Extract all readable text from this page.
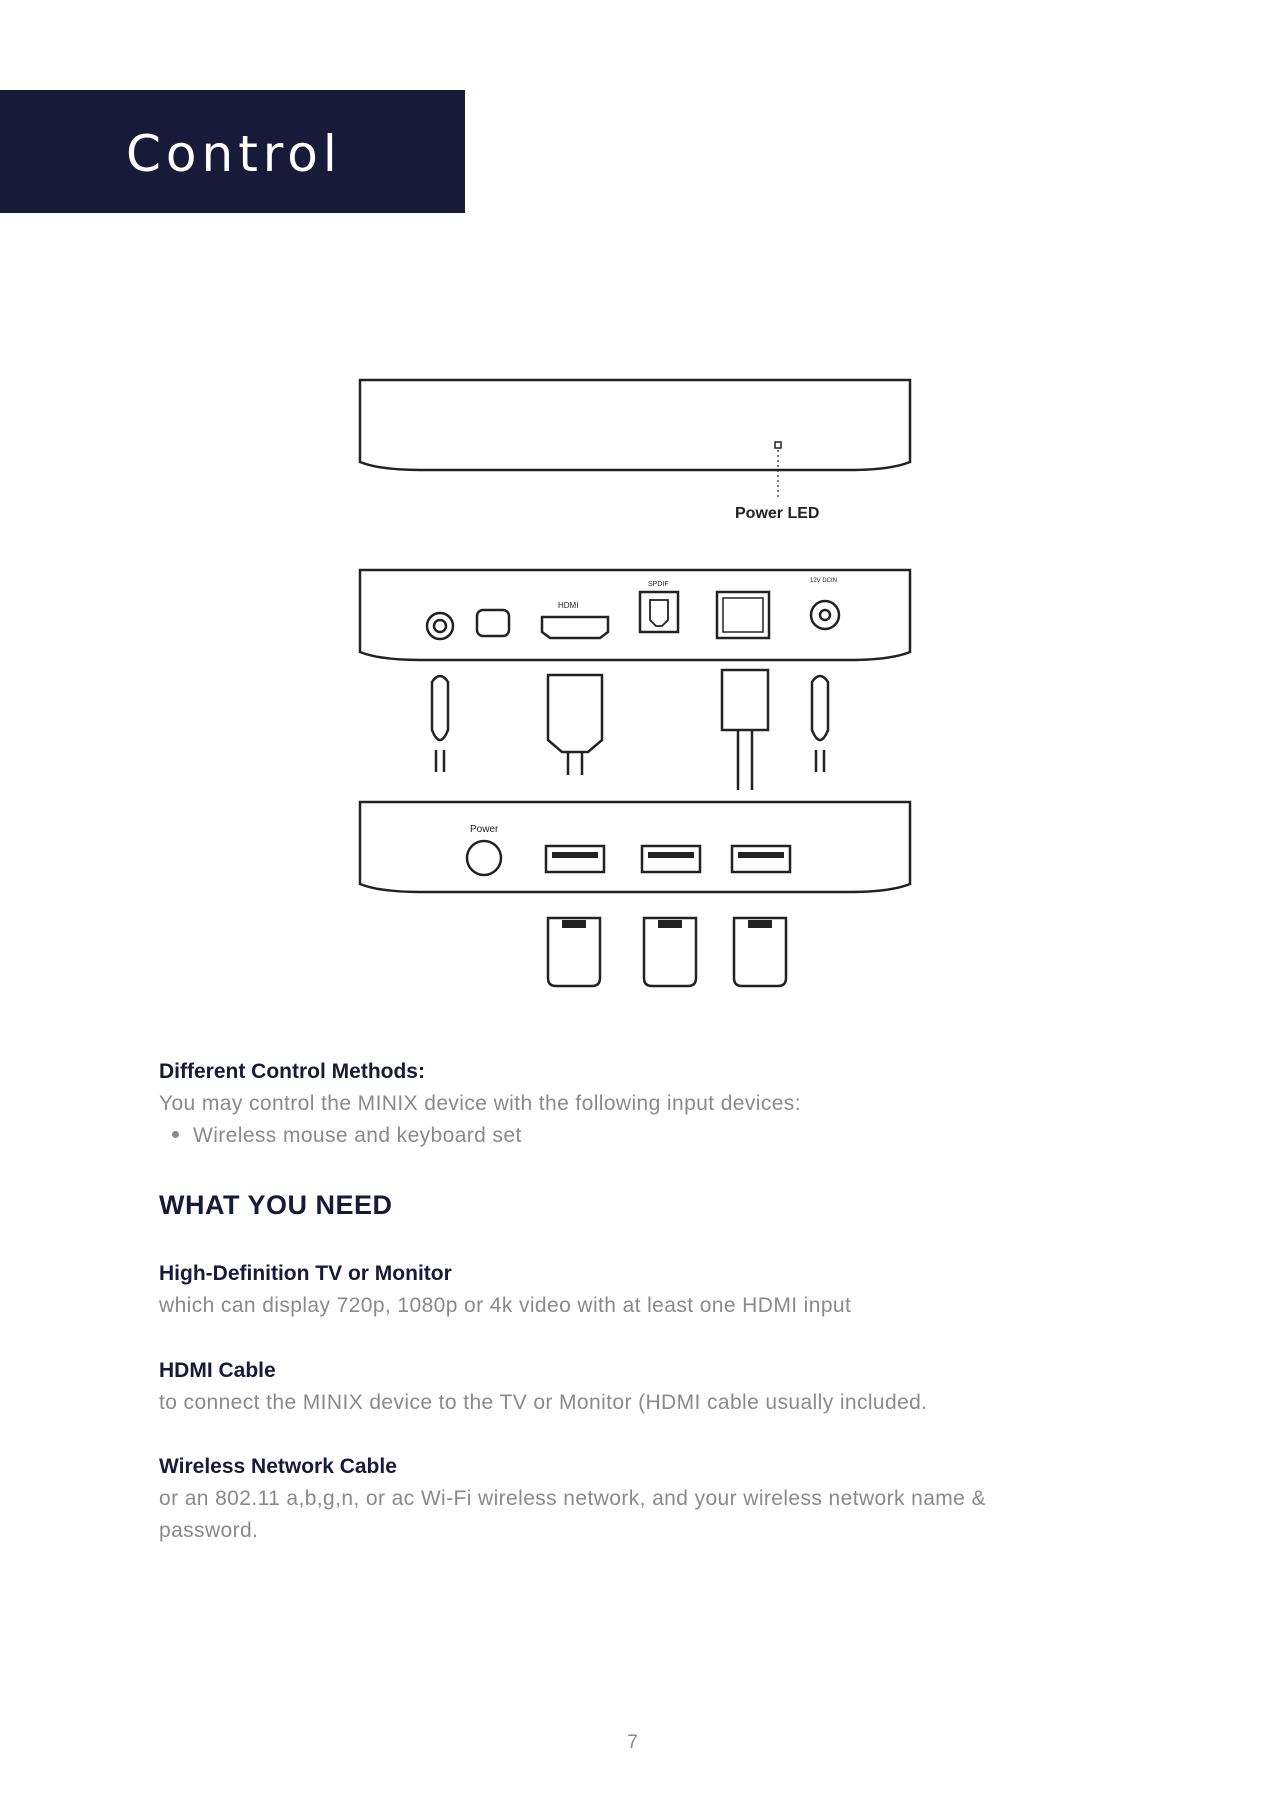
Control
Power LED
HDMI
SPDIF	12V DCIN
Power
Different Control Methods:
You may control the MINIX device with the following input devices:
Wireless mouse and keyboard set
WHAT YOU NEED
High-Definition TV or Monitor
which can display 720p, 1080p or 4k video with at least one HDMI input
HDMI Cable
to connect the MINIX device to the TV or Monitor (HDMI cable usually included.
Wireless Network Cable
or an 802.11 a,b,g,n, or ac Wi-Fi wireless network, and your wireless network name & password.
7
